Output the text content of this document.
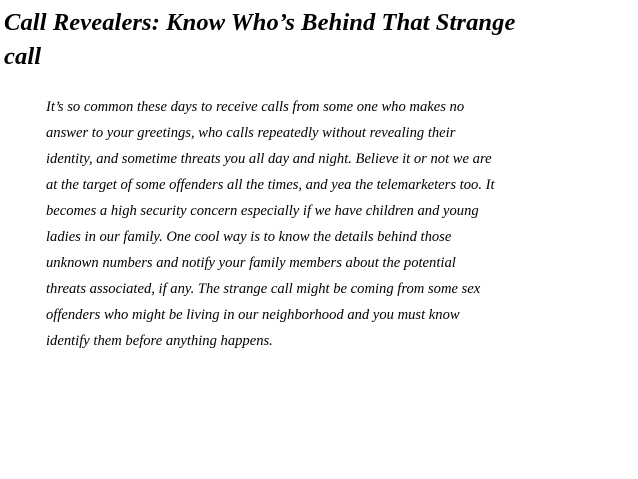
Call Revealers: Know Who’s Behind That Strange
call
It’s so common these days to receive calls from some one who makes no
answer to your greetings, who calls repeatedly without revealing their
identity, and sometime threats you all day and night. Believe it or not we are
at the target of some offenders all the times, and yea the telemarketers too. It
becomes a high security concern especially if we have children and young
ladies in our family. One cool way is to know the details behind those
unknown numbers and notify your family members about the potential
threats associated, if any. The strange call might be coming from some sex
offenders who might be living in our neighborhood and you must know
identify them before anything happens.
